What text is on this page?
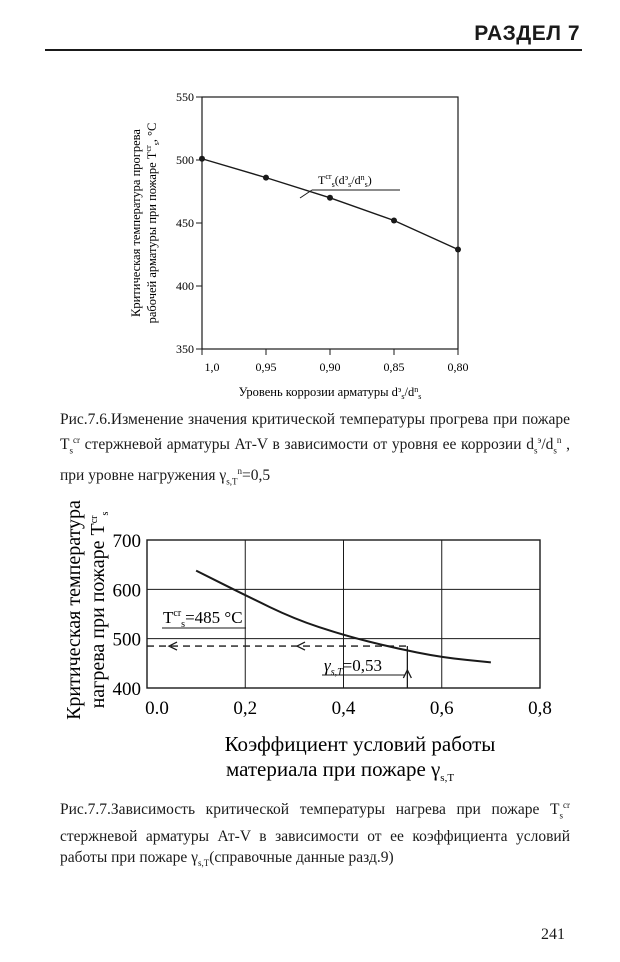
РАЗДЕЛ 7
350
400
450
500
550
1,0	0,95	0,90	0,85	0,80
$T^{cr}_s(d^э_s/d^n_s)$
Критическая температура прогрева рабочей арматуры при пожаре $T^{cr}_s$, °C
Уровень коррозии арматуры $d^э_s/d^n_s$
Рис.7.6.Изменение значения критической температуры прогрева при пожаре $T_s^{cr}$ стержневой арматуры Ат-V в зависимости от уровня ее коррозии $d_s^э/d_s^n$ , при уровне нагружения $\gamma_{s,T}^n=0,5$
400
500
600
700
0.0	0,2	0,4	0,6	0,8
$T^{cr}_s=485$ °C
$\gamma_{s,T}=0,53$
Критическая температура нагрева при пожаре $T^{cr}_s$
Коэффициент условий работы
материала при пожаре $\gamma_{s,T}$
Рис.7.7.Зависимость критической температуры нагрева при пожаре $T_s^{cr}$ стержневой арматуры Ат-V в зависимости от ее коэффициента условий работы при пожаре $\gamma_{s,T}(справочные$ данные разд.9)
241
